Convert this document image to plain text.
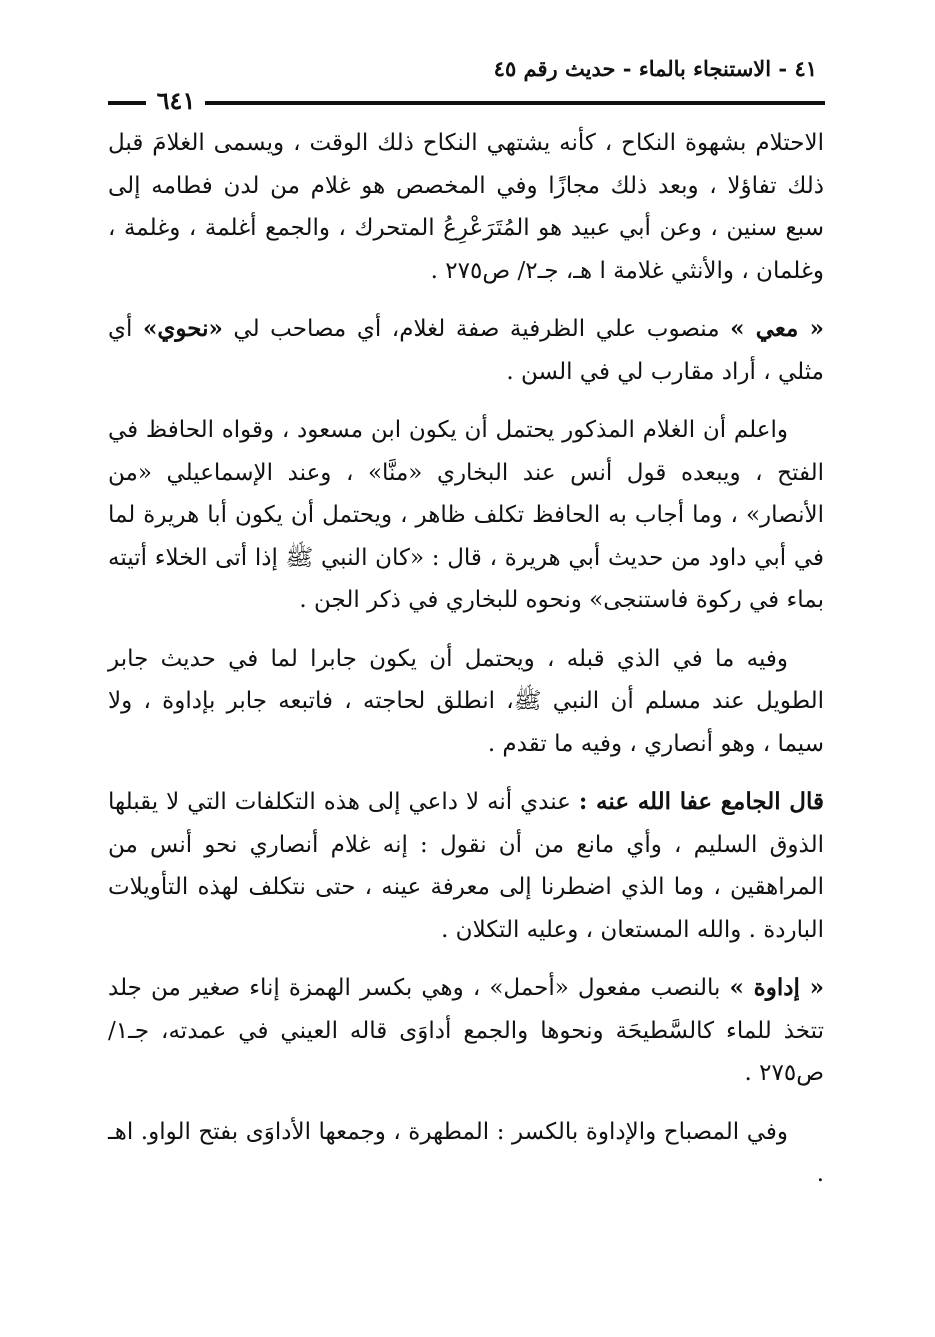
٤١ - الاستنجاء بالماء - حديث رقم ٤٥
٦٤١

الاحتلام بشهوة النكاح ، كأنه يشتهي النكاح ذلك الوقت ، ويسمى الغلامَ قبل ذلك تفاؤلا ، وبعد ذلك مجازًا وفي المخصص هو غلام من لدن فطامه إلى سبع سنين ، وعن أبي عبيد هو المُتَرَعْرِعُ المتحرك ، والجمع أغلمة ، وغلمة ، وغلمان ، والأنثي غلامة ا هـ، جـ٢/ ص٢٧٥ .

« معي » منصوب علي الظرفية صفة لغلام، أي مصاحب لي «نحوي» أي مثلي ، أراد مقارب لي في السن .

واعلم أن الغلام المذكور يحتمل أن يكون ابن مسعود ، وقواه الحافظ في الفتح ، ويبعده قول أنس عند البخاري «منَّا» ، وعند الإسماعيلي «من الأنصار» ، وما أجاب به الحافظ تكلف ظاهر ، ويحتمل أن يكون أبا هريرة لما في أبي داود من حديث أبي هريرة ، قال : «كان النبي ﷺ إذا أتى الخلاء أتيته بماء في ركوة فاستنجى» ونحوه للبخاري في ذكر الجن .

وفيه ما في الذي قبله ، ويحتمل أن يكون جابرا لما في حديث جابر الطويل عند مسلم أن النبي ﷺ، انطلق لحاجته ، فاتبعه جابر بإداوة ، ولا سيما ، وهو أنصاري ، وفيه ما تقدم .

قال الجامع عفا الله عنه : عندي أنه لا داعي إلى هذه التكلفات التي لا يقبلها الذوق السليم ، وأي مانع من أن نقول : إنه غلام أنصاري نحو أنس من المراهقين ، وما الذي اضطرنا إلى معرفة عينه ، حتى نتكلف لهذه التأويلات الباردة . والله المستعان ، وعليه التكلان .

« إداوة » بالنصب مفعول «أحمل» ، وهي بكسر الهمزة إناء صغير من جلد تتخذ للماء كالسَّطيحَة ونحوها والجمع أداوَى قاله العيني في عمدته، جـ١/ ص٢٧٥ .

وفي المصباح والإداوة بالكسر : المطهرة ، وجمعها الأداوَى بفتح الواو. اهـ .
